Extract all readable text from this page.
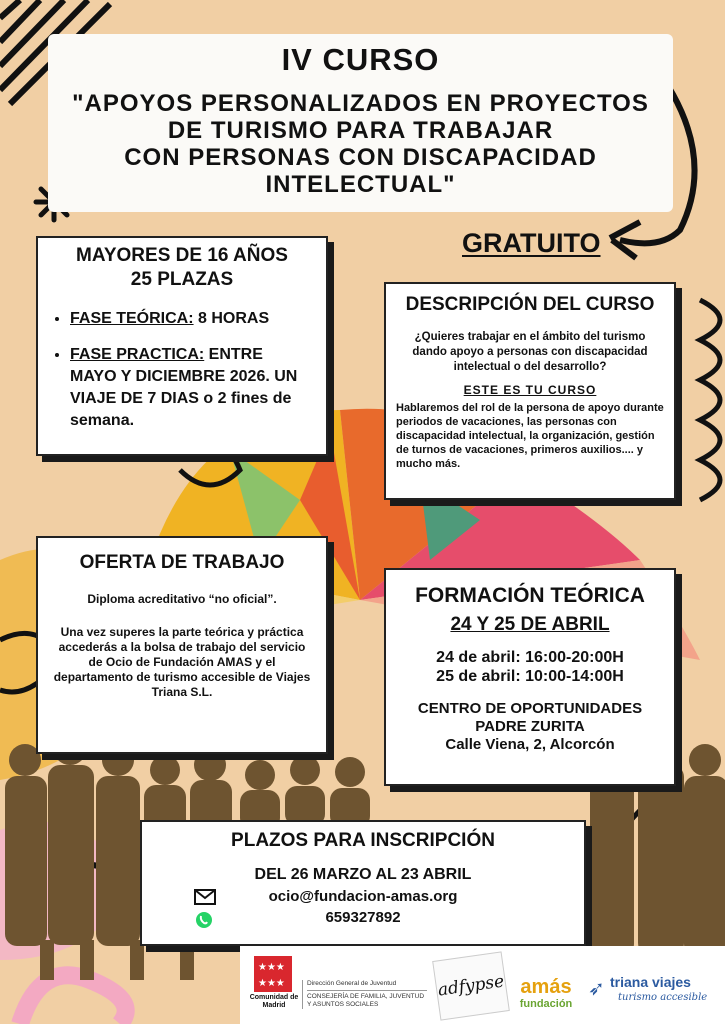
IV CURSO
"APOYOS PERSONALIZADOS EN PROYECTOS
DE TURISMO PARA TRABAJAR
CON PERSONAS CON DISCAPACIDAD
INTELECTUAL"
GRATUITO
MAYORES DE 16 AÑOS
25 PLAZAS
• FASE TEÓRICA: 8 HORAS
• FASE PRACTICA: ENTRE MAYO Y DICIEMBRE 2026. UN VIAJE DE 7 DIAS o 2 fines de semana.
DESCRIPCIÓN DEL CURSO
¿Quieres trabajar en el ámbito del turismo dando apoyo a personas con discapacidad intelectual o del desarrollo?
ESTE ES TU CURSO
Hablaremos del rol de la persona de apoyo durante periodos de vacaciones, las personas con discapacidad intelectual, la organización, gestión de turnos de vacaciones, primeros auxilios.... y mucho más.
OFERTA DE TRABAJO

Diploma acreditativo “no oficial”.

Una vez superes la parte teórica y práctica accederás a la bolsa de trabajo del servicio de Ocio de Fundación AMAS y el departamento de turismo accesible de Viajes Triana S.L.

FORMACIÓN TEÓRICA
24 Y 25 DE ABRIL
24 de abril: 16:00-20:00H
25 de abril: 10:00-14:00H
CENTRO DE OPORTUNIDADES
PADRE ZURITA
Calle Viena, 2, Alcorcón
PLAZOS PARA INSCRIPCIÓN
DEL 26 MARZO AL 23 ABRIL
ocio@fundacion-amas.org
659327892
★★★
★★★
Comunidad de Madrid
Dirección General de Juventud
CONSEJERÍA DE FAMILIA, JUVENTUD Y ASUNTOS SOCIALES
adfypse amás
fundación
➶ triana viajes
turismo accesible
